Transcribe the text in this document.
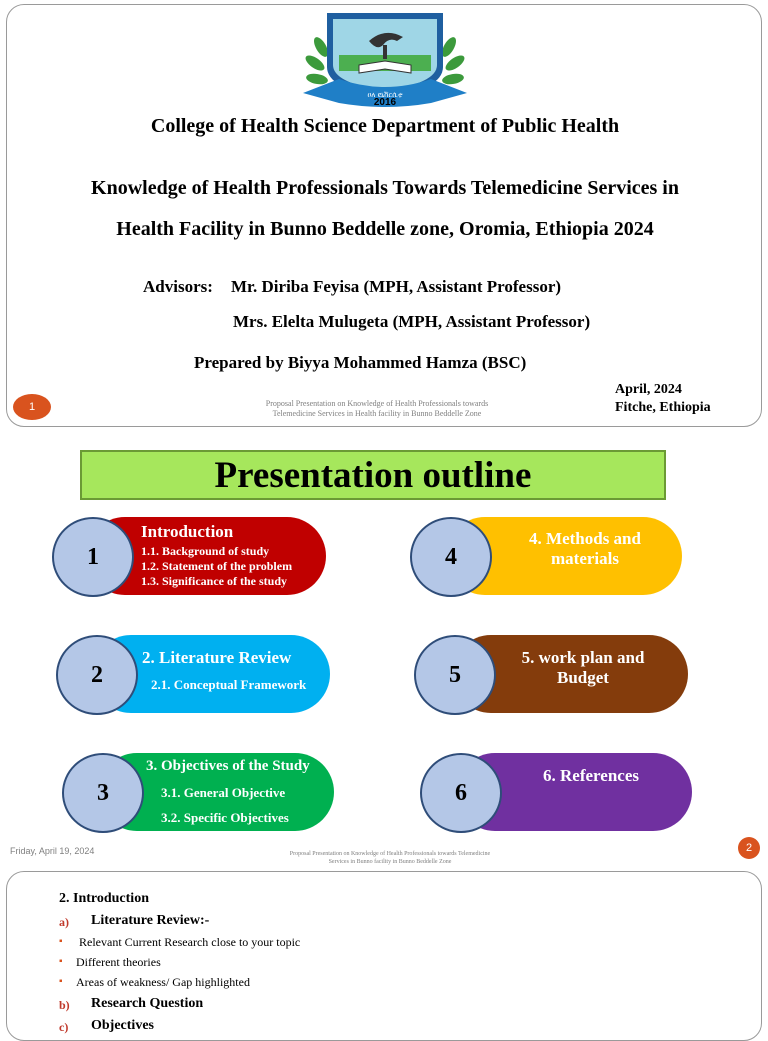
ዐለ ዩኒቨርሲቲ
2016
College of Health Science Department of Public Health
Knowledge of Health Professionals Towards Telemedicine Services in
Health Facility in Bunno Beddelle zone, Oromia, Ethiopia 2024
Advisors: Mr. Diriba Feyisa (MPH, Assistant Professor)
Mrs. Elelta Mulugeta (MPH, Assistant Professor)
Prepared by Biyya Mohammed Hamza (BSC)
1	Proposal Presentation on Knowledge of Health Professionals towards
Telemedicine Services in Health facility in Bunno Beddelle Zone
April, 2024
Fitche, Ethiopia
Presentation outline
1
Introduction
1.1. Background of study
1.2. Statement of the problem
1.3. Significance of the study
2
2. Literature Review
2.1. Conceptual Framework
3
3. Objectives of the Study
3.1. General Objective
3.2. Specific Objectives
4
4. Methods and
materials
5
5. work plan and
Budget
6
6. References
Friday, April 19, 2024	Proposal Presentation on Knowledge of Health Professionals towards Telemedicine
Services in Bunno facility in Bunno Beddelle Zone
2
2. Introduction
a) Literature Review:-
▪ Relevant Current Research close to your topic
▪ Different theories
▪ Areas of weakness/ Gap highlighted
b) Research Question
c) Objectives
